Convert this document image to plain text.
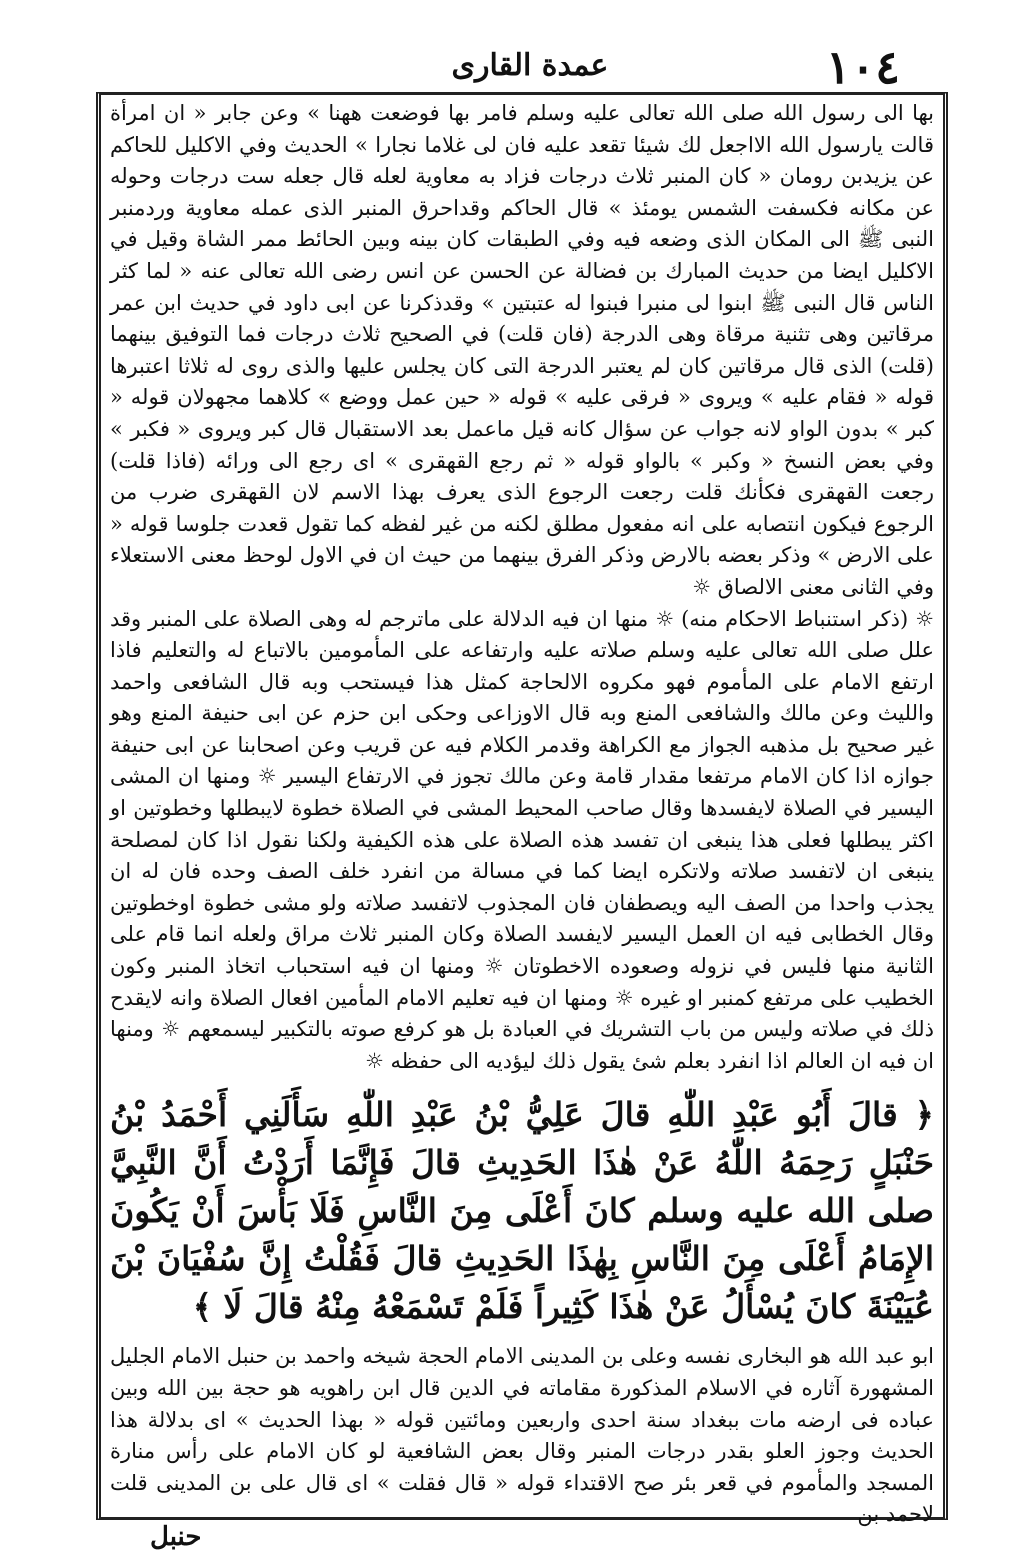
١٠٤
عمدة القارى

بها الى رسول الله صلى الله تعالى عليه وسلم فامر بها فوضعت ههنا » وعن جابر « ان امرأة قالت يارسول الله الااجعل لك شيئا تقعد عليه فان لى غلاما نجارا » الحديث وفي الاكليل للحاكم عن يزيدبن رومان « كان المنبر ثلاث درجات فزاد به معاوية لعله قال جعله ست درجات وحوله عن مكانه فكسفت الشمس يومئذ » قال الحاكم وقداحرق المنبر الذى عمله معاوية وردمنبر النبى ﷺ الى المكان الذى وضعه فيه وفي الطبقات كان بينه وبين الحائط ممر الشاة وقيل في الاكليل ايضا من حديث المبارك بن فضالة عن الحسن عن انس رضى الله تعالى عنه « لما كثر الناس قال النبى ﷺ ابنوا لى منبرا فبنوا له عتبتين » وقدذكرنا عن ابى داود في حديث ابن عمر مرقاتين وهى تثنية مرقاة وهى الدرجة (فان قلت) في الصحيح ثلاث درجات فما التوفيق بينهما (قلت) الذى قال مرقاتين كان لم يعتبر الدرجة التى كان يجلس عليها والذى روى له ثلاثا اعتبرها قوله « فقام عليه » ويروى « فرقى عليه » قوله « حين عمل ووضع » كلاهما مجهولان قوله « كبر » بدون الواو لانه جواب عن سؤال كانه قيل ماعمل بعد الاستقبال قال كبر ويروى « فكبر » وفي بعض النسخ « وكبر » بالواو قوله « ثم رجع القهقرى » اى رجع الى ورائه (فاذا قلت) رجعت القهقرى فكأنك قلت رجعت الرجوع الذى يعرف بهذا الاسم لان القهقرى ضرب من الرجوع فيكون انتصابه على انه مفعول مطلق لكنه من غير لفظه كما تقول قعدت جلوسا قوله « على الارض » وذكر بعضه بالارض وذكر الفرق بينهما من حيث ان في الاول لوحظ معنى الاستعلاء وفي الثانى معنى الالصاق ☼

☼ (ذكر استنباط الاحكام منه) ☼ منها ان فيه الدلالة على ماترجم له وهى الصلاة على المنبر وقد علل صلى الله تعالى عليه وسلم صلاته عليه وارتفاعه على المأمومين بالاتباع له والتعليم فاذا ارتفع الامام على المأموم فهو مكروه الالحاجة كمثل هذا فيستحب وبه قال الشافعى واحمد والليث وعن مالك والشافعى المنع وبه قال الاوزاعى وحكى ابن حزم عن ابى حنيفة المنع وهو غير صحيح بل مذهبه الجواز مع الكراهة وقدمر الكلام فيه عن قريب وعن اصحابنا عن ابى حنيفة جوازه اذا كان الامام مرتفعا مقدار قامة وعن مالك تجوز في الارتفاع اليسير ☼ ومنها ان المشى اليسير في الصلاة لايفسدها وقال صاحب المحيط المشى في الصلاة خطوة لايبطلها وخطوتين او اكثر يبطلها فعلى هذا ينبغى ان تفسد هذه الصلاة على هذه الكيفية ولكنا نقول اذا كان لمصلحة ينبغى ان لاتفسد صلاته ولاتكره ايضا كما في مسالة من انفرد خلف الصف وحده فان له ان يجذب واحدا من الصف اليه ويصطفان فان المجذوب لاتفسد صلاته ولو مشى خطوة اوخطوتين وقال الخطابى فيه ان العمل اليسير لايفسد الصلاة وكان المنبر ثلاث مراق ولعله انما قام على الثانية منها فليس في نزوله وصعوده الاخطوتان ☼ ومنها ان فيه استحباب اتخاذ المنبر وكون الخطيب على مرتفع كمنبر او غيره ☼ ومنها ان فيه تعليم الامام المأمين افعال الصلاة وانه لايقدح ذلك في صلاته وليس من باب التشريك في العبادة بل هو كرفع صوته بالتكبير ليسمعهم ☼ ومنها ان فيه ان العالم اذا انفرد بعلم شئ يقول ذلك ليؤديه الى حفظه ☼

﴿ قالَ أَبُو عَبْدِ اللّٰهِ قالَ عَلِيُّ بْنُ عَبْدِ اللّٰهِ سَأَلَنِي أَحْمَدُ بْنُ حَنْبَلٍ رَحِمَهُ اللّٰهُ عَنْ هٰذَا الحَدِيثِ قالَ فَإِنَّمَا أَرَدْتُ أَنَّ النَّبِيَّ صلى الله عليه وسلم كانَ أَعْلَى مِنَ النَّاسِ فَلَا بَأْسَ أَنْ يَكُونَ الإِمَامُ أَعْلَى مِنَ النَّاسِ بِهٰذَا الحَدِيثِ قالَ فَقُلْتُ إِنَّ سُفْيَانَ بْنَ عُيَيْنَةَ كانَ يُسْأَلُ عَنْ هٰذَا كَثِيراً فَلَمْ تَسْمَعْهُ مِنْهُ قالَ لَا ﴾

ابو عبد الله هو البخارى نفسه وعلى بن المدينى الامام الحجة شيخه واحمد بن حنبل الامام الجليل المشهورة آثاره في الاسلام المذكورة مقاماته في الدين قال ابن راهويه هو حجة بين الله وبين عباده فى ارضه مات ببغداد سنة احدى واربعين ومائتين قوله « بهذا الحديث » اى بدلالة هذا الحديث وجوز العلو بقدر درجات المنبر وقال بعض الشافعية لو كان الامام على رأس منارة المسجد والمأموم في قعر بئر صح الاقتداء قوله « قال فقلت » اى قال على بن المدينى قلت لاحمد بن

حنبل
